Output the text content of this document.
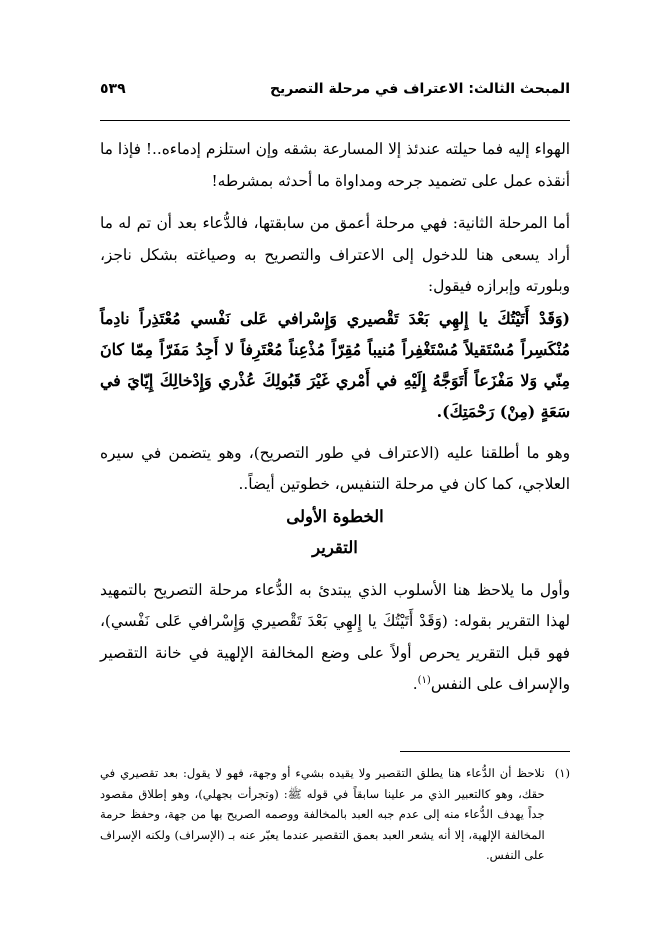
المبحث الثالث: الاعتراف في مرحلة التصريح
٥٣٩

الهواء إليه فما حيلته عندئذ إلا المسارعة بشقه وإن استلزم إدماءه..! فإذا ما أنقذه عمل على تضميد جرحه ومداواة ما أحدثه بمشرطه!

أما المرحلة الثانية: فهي مرحلة أعمق من سابقتها، فالدُّعاء بعد أن تم له ما أراد يسعى هنا للدخول إلى الاعتراف والتصريح به وصياغته بشكل ناجز، وبلورته وإبرازه فيقول:

(وَقَدْ أَتَيْتُكَ يا إِلهِي بَعْدَ تَقْصيري وَإِسْرافي عَلى نَفْسي مُعْتَذِراً نادِماً مُنْكَسِراً مُسْتَقيلاً مُسْتَغْفِراً مُنيباً مُقِرّاً مُذْعِناً مُعْتَرِفاً لا أَجِدُ مَفَرّاً مِمّا كانَ مِنّي وَلا مَفْزَعاً أَتَوَجَّهُ إِلَيْهِ في أَمْري غَيْرَ قَبُولِكَ عُذْري وَإِدْخالِكَ إِيّايَ في سَعَةٍ (مِنْ) رَحْمَتِكَ).

وهو ما أطلقنا عليه (الاعتراف في طور التصريح)، وهو يتضمن في سيره العلاجي، كما كان في مرحلة التنفيس، خطوتين أيضاً..

الخطوة الأولى

التقرير

وأول ما يلاحظ هنا الأسلوب الذي يبتدئ به الدُّعاء مرحلة التصريح بالتمهيد لهذا التقرير بقوله: (وَقَدْ أَتَيْتُكَ يا إِلهِي بَعْدَ تَقْصيري وَإِسْرافي عَلى نَفْسي)، فهو قبل التقرير يحرص أولاً على وضع المخالفة الإلهية في خانة التقصير والإسراف على النفس$^{(١)}$.

(١)
نلاحظ أن الدُّعاء هنا يطلق التقصير ولا يقيده بشيء أو وجهة، فهو لا يقول: بعد تقصيري في حقك، وهو كالتعبير الذي مر علينا سابقاً في قوله ﷺ: (وتجرأت بجهلي)، وهو إطلاق مقصود جداً يهدف الدُّعاء منه إلى عدم جبه العبد بالمخالفة ووصمه الصريح بها من جهة، وحفظ حرمة المخالفة الإلهية، إلا أنه يشعر العبد بعمق التقصير عندما يعبّر عنه بـ (الإسراف) ولكنه الإسراف على النفس.
